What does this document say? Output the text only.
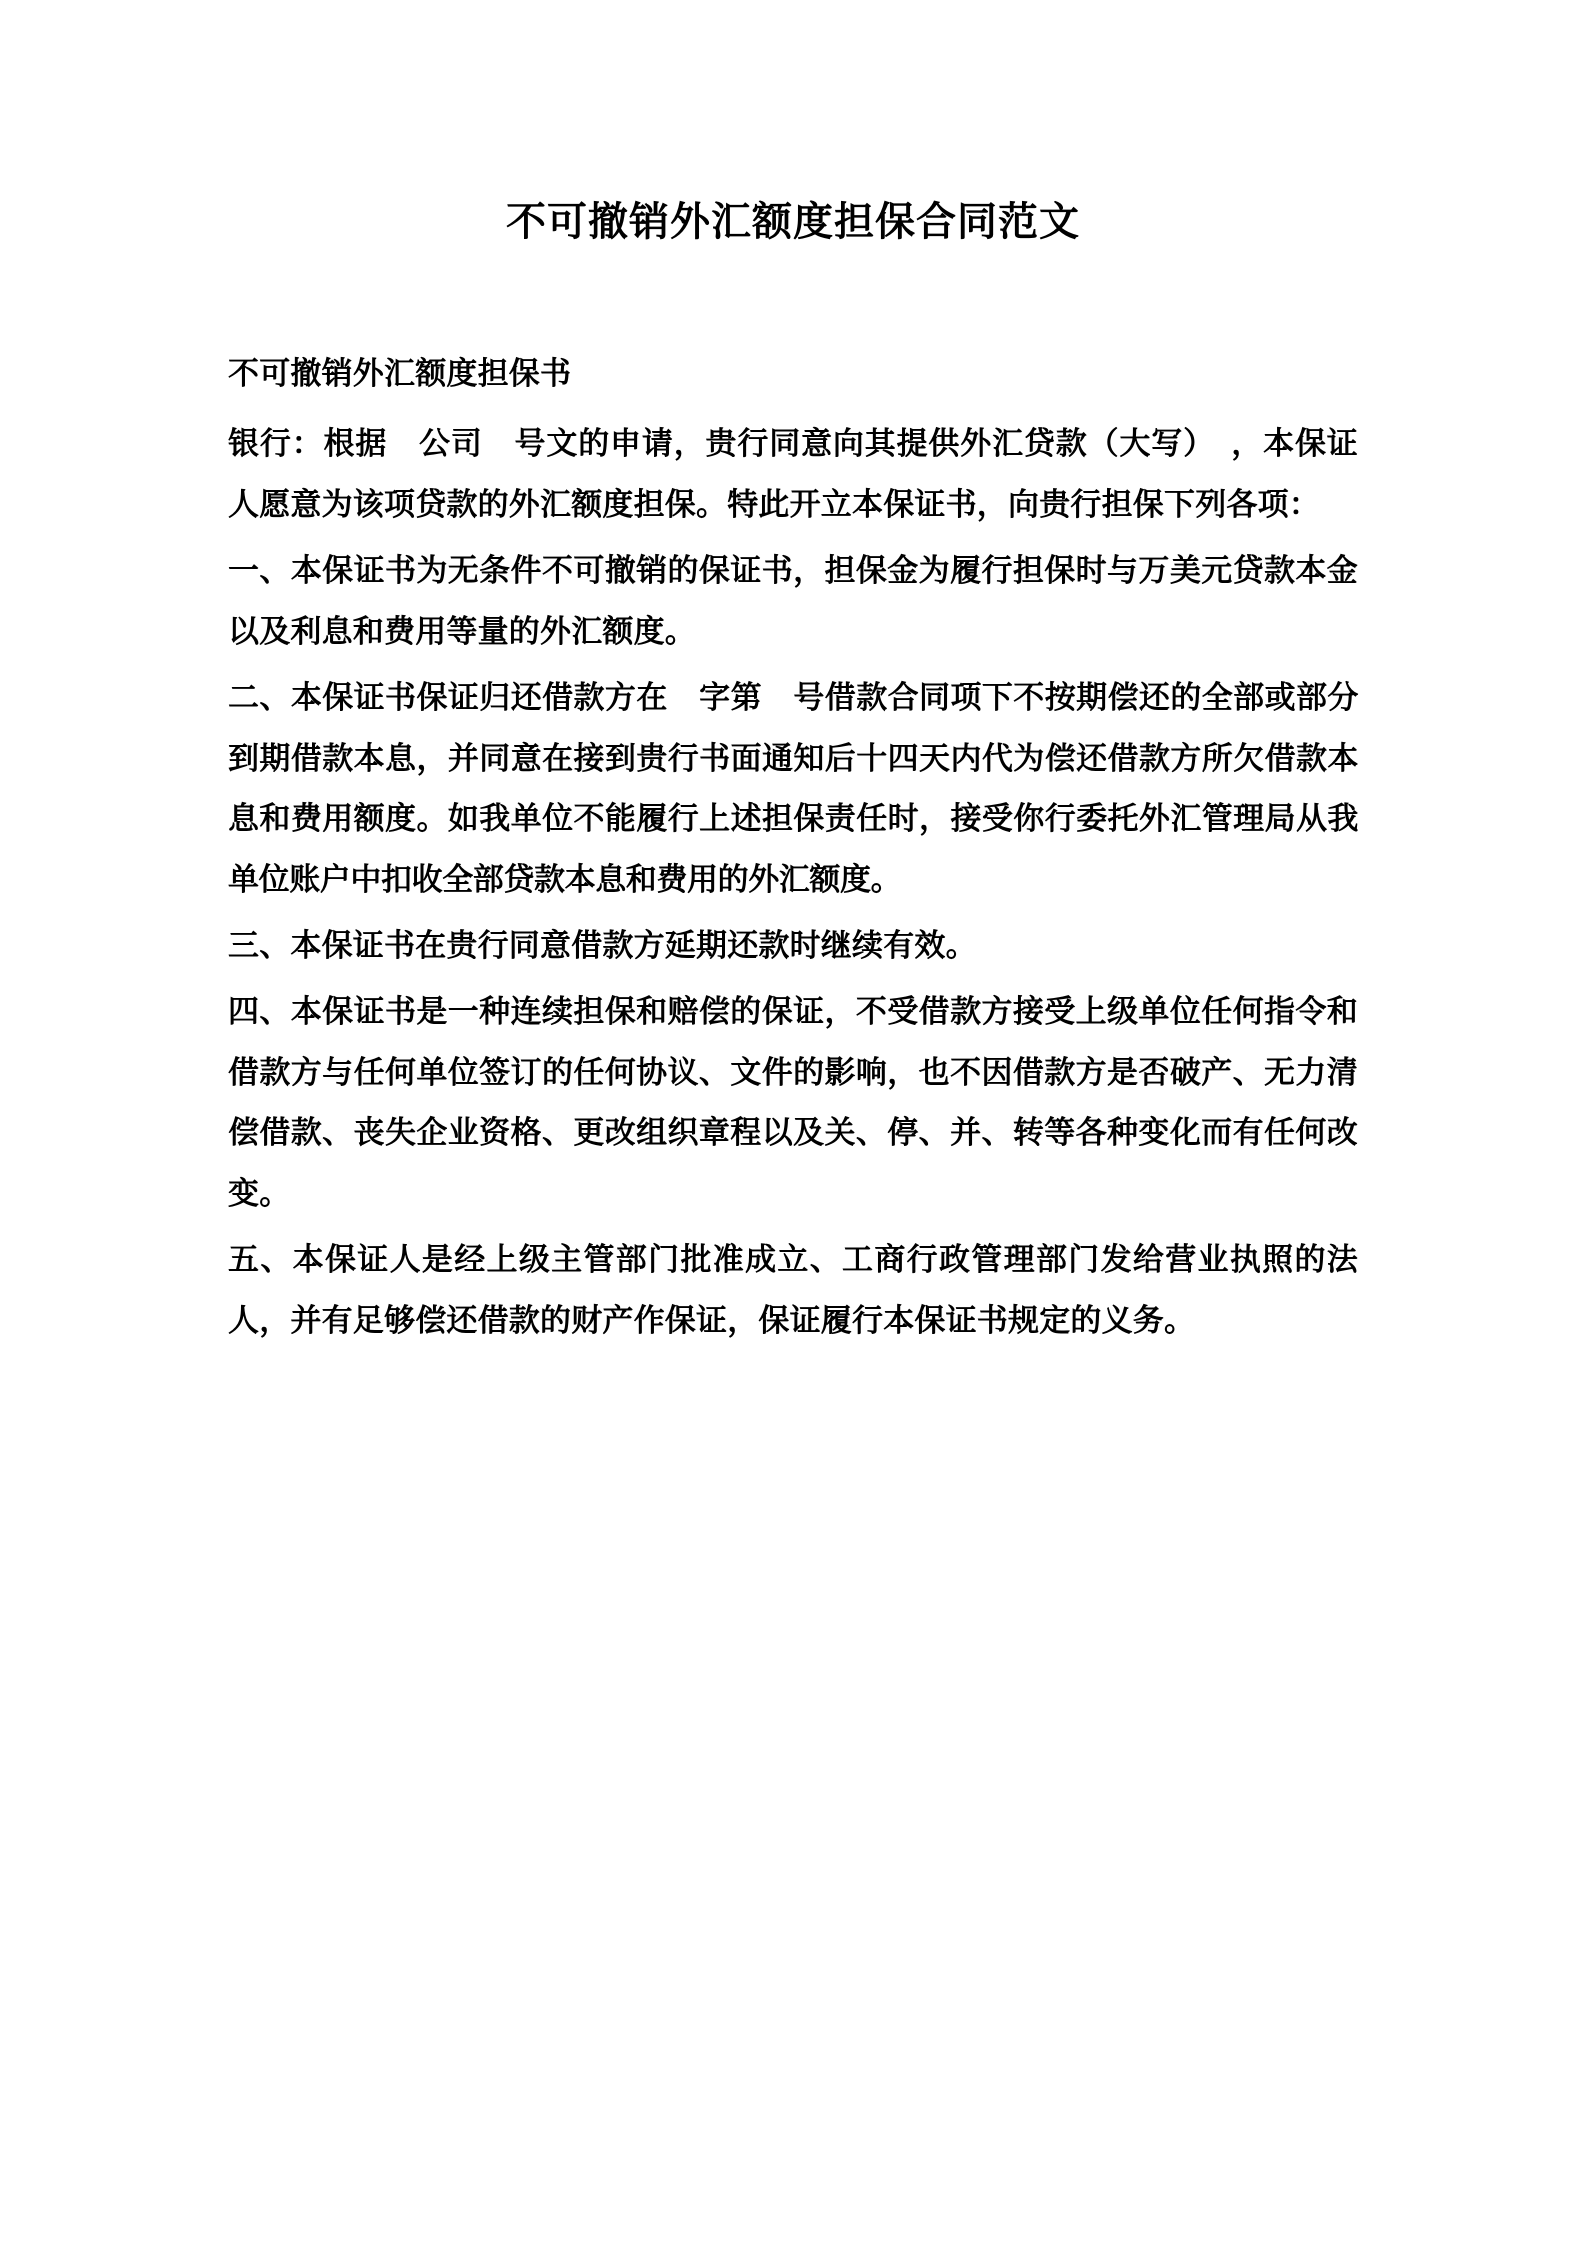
不可撤销外汇额度担保合同范文

不可撤销外汇额度担保书

银行：根据　公司　号文的申请，贵行同意向其提供外汇贷款（大写）　，本保证人愿意为该项贷款的外汇额度担保。特此开立本保证书，向贵行担保下列各项：

一、本保证书为无条件不可撤销的保证书，担保金为履行担保时与万美元贷款本金以及利息和费用等量的外汇额度。

二、本保证书保证归还借款方在　字第　号借款合同项下不按期偿还的全部或部分到期借款本息，并同意在接到贵行书面通知后十四天内代为偿还借款方所欠借款本息和费用额度。如我单位不能履行上述担保责任时，接受你行委托外汇管理局从我单位账户中扣收全部贷款本息和费用的外汇额度。

三、本保证书在贵行同意借款方延期还款时继续有效。

四、本保证书是一种连续担保和赔偿的保证，不受借款方接受上级单位任何指令和借款方与任何单位签订的任何协议、文件的影响，也不因借款方是否破产、无力清偿借款、丧失企业资格、更改组织章程以及关、停、并、转等各种变化而有任何改变。

五、本保证人是经上级主管部门批准成立、工商行政管理部门发给营业执照的法人，并有足够偿还借款的财产作保证，保证履行本保证书规定的义务。
